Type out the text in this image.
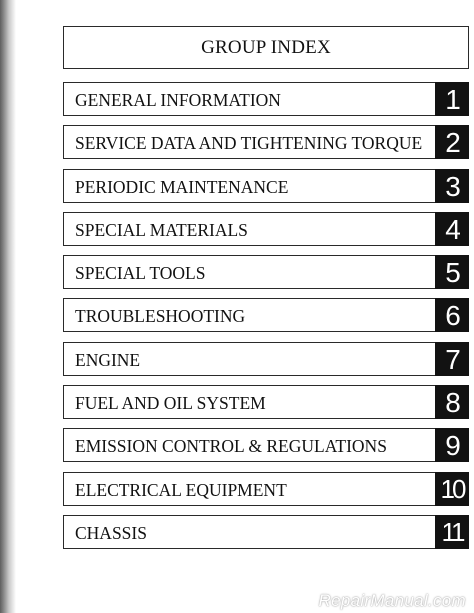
GROUP INDEX
GENERAL INFORMATION	1
SERVICE DATA AND TIGHTENING TORQUE 2
PERIODIC MAINTENANCE	3
SPECIAL MATERIALS	4
SPECIAL TOOLS	5
TROUBLESHOOTING	6
ENGINE	7
FUEL AND OIL SYSTEM	8
EMISSION CONTROL & REGULATIONS	9
ELECTRICAL EQUIPMENT	10
CHASSIS	11
RepairManual.com
